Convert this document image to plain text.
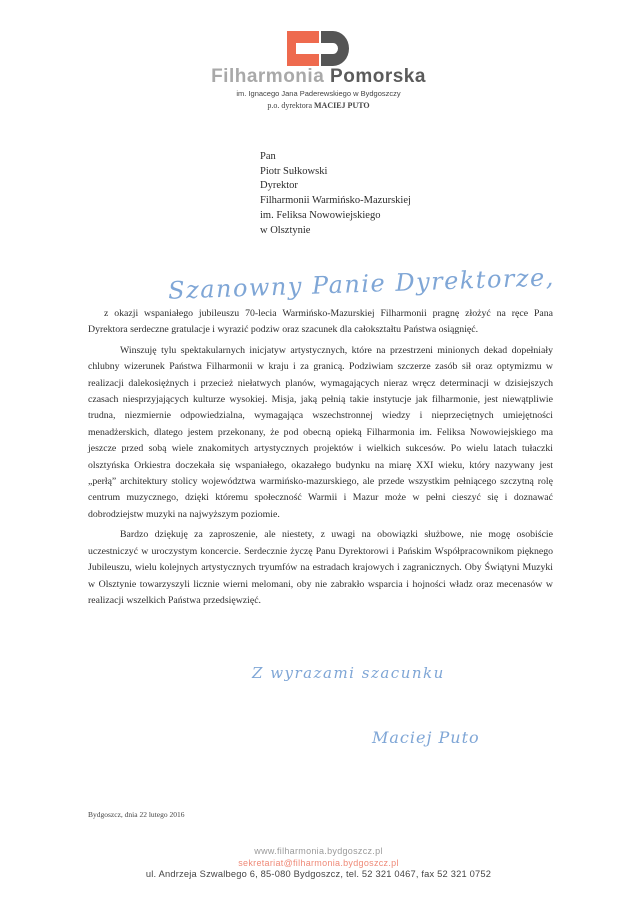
Filharmonia Pomorska
im. Ignacego Jana Paderewskiego w Bydgoszczy
p.o. dyrektora MACIEJ PUTO
Pan
Piotr Sułkowski
Dyrektor
Filharmonii Warmińsko-Mazurskiej
im. Feliksa Nowowiejskiego
w Olsztynie
Szanowny Panie Dyrektorze,

z okazji wspaniałego jubileuszu 70-lecia Warmińsko-Mazurskiej Filharmonii pragnę złożyć na ręce Pana Dyrektora serdeczne gratulacje i wyrazić podziw oraz szacunek dla całokształtu Państwa osiągnięć.

Winszuję tylu spektakularnych inicjatyw artystycznych, które na przestrzeni minionych dekad dopełniały chlubny wizerunek Państwa Filharmonii w kraju i za granicą. Podziwiam szczerze zasób sił oraz optymizmu w realizacji dalekosiężnych i przecież niełatwych planów, wymagających nieraz wręcz determinacji w dzisiejszych czasach niesprzyjających kulturze wysokiej. Misja, jaką pełnią takie instytucje jak filharmonie, jest niewątpliwie trudna, niezmiernie odpowiedzialna, wymagająca wszechstronnej wiedzy i nieprzeciętnych umiejętności menadżerskich, dlatego jestem przekonany, że pod obecną opieką Filharmonia im. Feliksa Nowowiejskiego ma jeszcze przed sobą wiele znakomitych artystycznych projektów i wielkich sukcesów. Po wielu latach tułaczki olsztyńska Orkiestra doczekała się wspaniałego, okazałego budynku na miarę XXI wieku, który nazywany jest „perłą” architektury stolicy województwa warmińsko-mazurskiego, ale przede wszystkim pełniącego szczytną rolę centrum muzycznego, dzięki któremu społeczność Warmii i Mazur może w pełni cieszyć się i doznawać dobrodziejstw muzyki na najwyższym poziomie.

Bardzo dziękuję za zaproszenie, ale niestety, z uwagi na obowiązki służbowe, nie mogę osobiście uczestniczyć w uroczystym koncercie. Serdecznie życzę Panu Dyrektorowi i Pańskim Współpracownikom pięknego Jubileuszu, wielu kolejnych artystycznych tryumfów na estradach krajowych i zagranicznych. Oby Świątyni Muzyki w Olsztynie towarzyszyli licznie wierni melomani, oby nie zabrakło wsparcia i hojności władz oraz mecenasów w realizacji wszelkich Państwa przedsięwzięć.

Z wyrazami szacunku
Maciej Puto
Bydgoszcz, dnia 22 lutego 2016
www.filharmonia.bydgoszcz.pl
sekretariat@filharmonia.bydgoszcz.pl
ul. Andrzeja Szwalbego 6, 85-080 Bydgoszcz, tel. 52 321 0467, fax 52 321 0752
